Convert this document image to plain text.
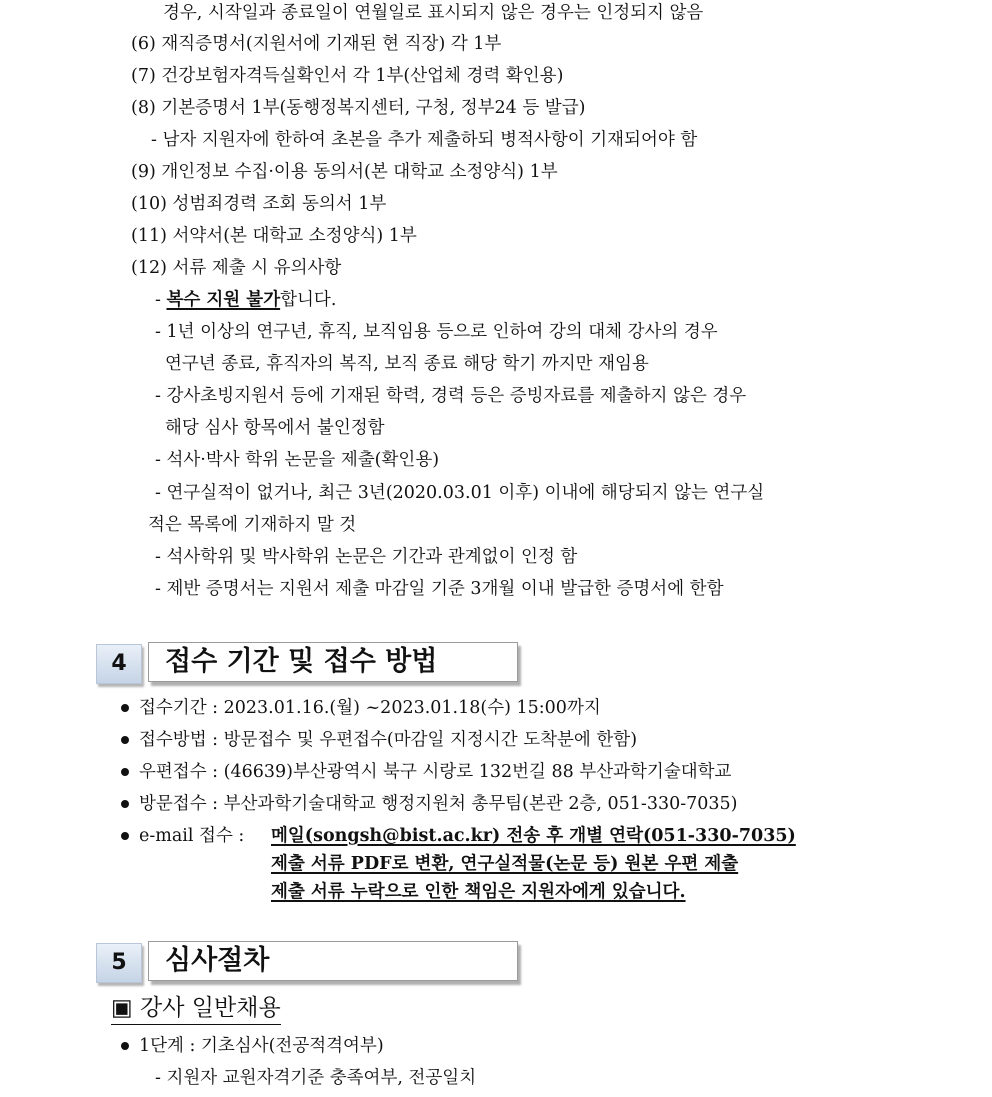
경우, 시작일과 종료일이 연월일로 표시되지 않은 경우는 인정되지 않음
(6) 재직증명서(지원서에 기재된 현 직장) 각 1부
(7) 건강보험자격득실확인서 각 1부(산업체 경력 확인용)
(8) 기본증명서 1부(동행정복지센터, 구청, 정부24 등 발급)
- 남자 지원자에 한하여 초본을 추가 제출하되 병적사항이 기재되어야 함
(9) 개인정보 수집·이용 동의서(본 대학교 소정양식) 1부
(10) 성범죄경력 조회 동의서 1부
(11) 서약서(본 대학교 소정양식) 1부
(12) 서류 제출 시 유의사항
- 복수 지원 불가합니다.
- 1년 이상의 연구년, 휴직, 보직임용 등으로 인하여 강의 대체 강사의 경우
연구년 종료, 휴직자의 복직, 보직 종료 해당 학기 까지만 재임용
- 강사초빙지원서 등에 기재된 학력, 경력 등은 증빙자료를 제출하지 않은 경우
해당 심사 항목에서 불인정함
- 석사·박사 학위 논문을 제출(확인용)
- 연구실적이 없거나, 최근 3년(2020.03.01 이후) 이내에 해당되지 않는 연구실
적은 목록에 기재하지 말 것
- 석사학위 및 박사학위 논문은 기간과 관계없이 인정 함
- 제반 증명서는 지원서 제출 마감일 기준 3개월 이내 발급한 증명서에 한함
4	접수 기간 및 접수 방법
접수기간 : 2023.01.16.(월) ~2023.01.18(수) 15:00까지
접수방법 : 방문접수 및 우편접수(마감일 지정시간 도착분에 한함)
우편접수 : (46639)부산광역시 북구 시랑로 132번길 88 부산과학기술대학교
방문접수 : 부산과학기술대학교 행정지원처 총무팀(본관 2층, 051-330-7035)
e-mail 접수 : 메일(songsh@bist.ac.kr) 전송 후 개별 연락(051-330-7035)
제출 서류 PDF로 변환, 연구실적물(논문 등) 원본 우편 제출
제출 서류 누락으로 인한 책임은 지원자에게 있습니다.
5	심사절차
▣ 강사 일반채용
1단계 : 기초심사(전공적격여부)
- 지원자 교원자격기준 충족여부, 전공일치
